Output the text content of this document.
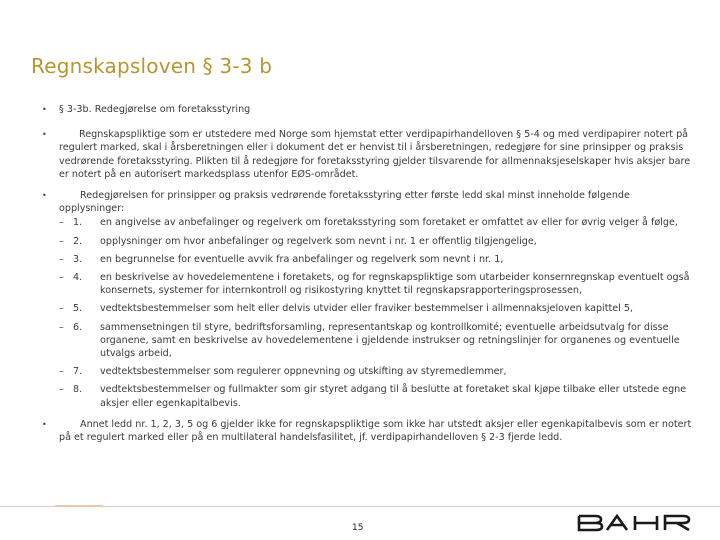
Regnskapsloven § 3-3 b
• § 3-3b. Redegjørelse om foretaksstyring
•	Regnskapspliktige som er utstedere med Norge som hjemstat etter verdipapirhandelloven § 5-4 og med verdipapirer notert på regulert marked, skal i årsberetningen eller i dokument det er henvist til i årsberetningen, redegjøre for sine prinsipper og praksis vedrørende foretaksstyring. Plikten til å redegjøre for foretaksstyring gjelder tilsvarende for allmennaksjeselskaper hvis aksjer bare er notert på en autorisert markedsplass utenfor EØS-området.
•	Redegjørelsen for prinsipper og praksis vedrørende foretaksstyring etter første ledd skal minst inneholde følgende opplysninger:
– 1. en angivelse av anbefalinger og regelverk om foretaksstyring som foretaket er omfattet av eller for øvrig velger å følge,
– 2. opplysninger om hvor anbefalinger og regelverk som nevnt i nr. 1 er offentlig tilgjengelige,
– 3. en begrunnelse for eventuelle avvik fra anbefalinger og regelverk som nevnt i nr. 1,
– 4. en beskrivelse av hovedelementene i foretakets, og for regnskapspliktige som utarbeider konsernregnskap eventuelt også konsernets, systemer for internkontroll og risikostyring knyttet til regnskapsrapporteringsprosessen,
– 5. vedtektsbestemmelser som helt eller delvis utvider eller fraviker bestemmelser i allmennaksjeloven kapittel 5,
– 6. sammensetningen til styre, bedriftsforsamling, representantskap og kontrollkomité; eventuelle arbeidsutvalg for disse organene, samt en beskrivelse av hovedelementene i gjeldende instrukser og retningslinjer for organenes og eventuelle utvalgs arbeid,
– 7. vedtektsbestemmelser som regulerer oppnevning og utskifting av styremedlemmer,
– 8. vedtektsbestemmelser og fullmakter som gir styret adgang til å beslutte at foretaket skal kjøpe tilbake eller utstede egne aksjer eller egenkapitalbevis.
•	Annet ledd nr. 1, 2, 3, 5 og 6 gjelder ikke for regnskapspliktige som ikke har utstedt aksjer eller egenkapitalbevis som er notert på et regulert marked eller på en multilateral handelsfasilitet, jf. verdipapirhandelloven § 2-3 fjerde ledd.
15
